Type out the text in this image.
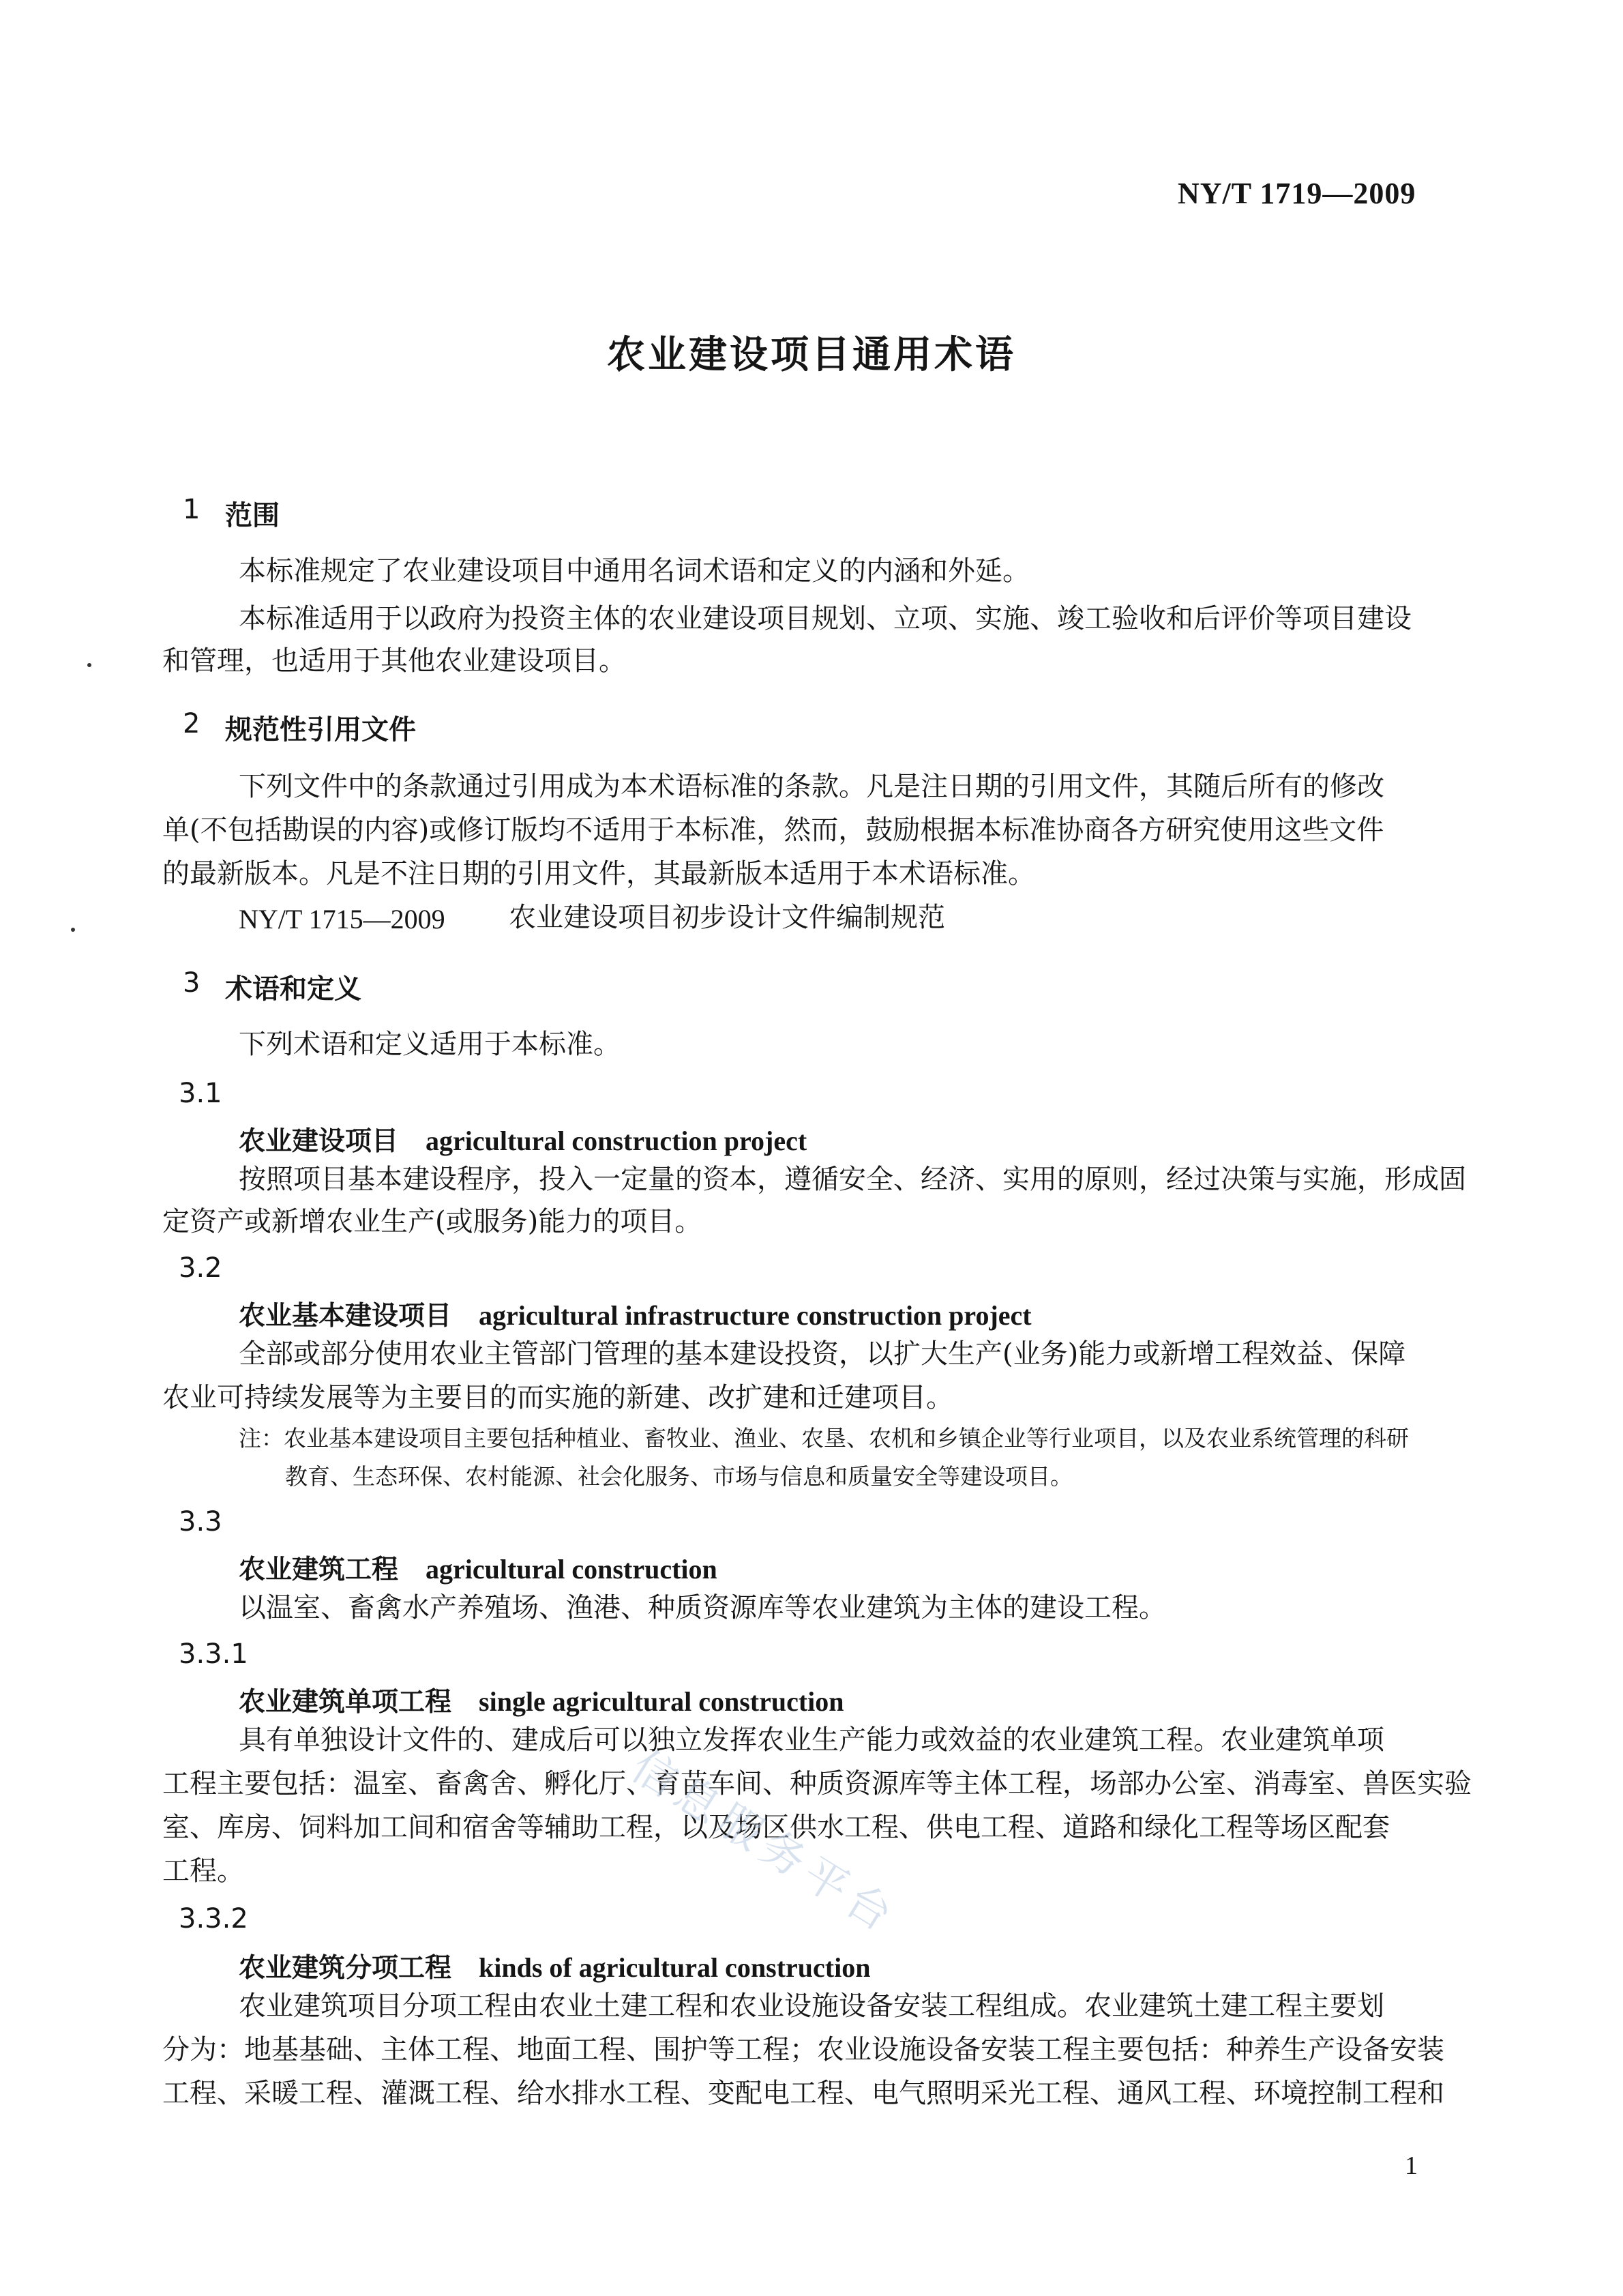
NY/T 1719—2009
农业建设项目通用术语
1 范围
本标准规定了农业建设项目中通用名词术语和定义的内涵和外延。
本标准适用于以政府为投资主体的农业建设项目规划、立项、实施、竣工验收和后评价等项目建设
和管理，也适用于其他农业建设项目。
2 规范性引用文件
下列文件中的条款通过引用成为本术语标准的条款。凡是注日期的引用文件，其随后所有的修改
单(不包括勘误的内容)或修订版均不适用于本标准，然而，鼓励根据本标准协商各方研究使用这些文件
的最新版本。凡是不注日期的引用文件，其最新版本适用于本术语标准。
NY/T 1715—2009 农业建设项目初步设计文件编制规范
3 术语和定义
下列术语和定义适用于本标准。
3.1
农业建设项目 agricultural construction project
按照项目基本建设程序，投入一定量的资本，遵循安全、经济、实用的原则，经过决策与实施，形成固
定资产或新增农业生产(或服务)能力的项目。
3.2
农业基本建设项目 agricultural infrastructure construction project
全部或部分使用农业主管部门管理的基本建设投资，以扩大生产(业务)能力或新增工程效益、保障
农业可持续发展等为主要目的而实施的新建、改扩建和迁建项目。
注：农业基本建设项目主要包括种植业、畜牧业、渔业、农垦、农机和乡镇企业等行业项目，以及农业系统管理的科研
教育、生态环保、农村能源、社会化服务、市场与信息和质量安全等建设项目。
3.3
农业建筑工程 agricultural construction
以温室、畜禽水产养殖场、渔港、种质资源库等农业建筑为主体的建设工程。
3.3.1
农业建筑单项工程 single agricultural construction
具有单独设计文件的、建成后可以独立发挥农业生产能力或效益的农业建筑工程。农业建筑单项
工程主要包括：温室、畜禽舍、孵化厅、育苗车间、种质资源库等主体工程，场部办公室、消毒室、兽医实验
室、库房、饲料加工间和宿舍等辅助工程，以及场区供水工程、供电工程、道路和绿化工程等场区配套
工程。
3.3.2
农业建筑分项工程 kinds of agricultural construction
农业建筑项目分项工程由农业土建工程和农业设施设备安装工程组成。农业建筑土建工程主要划
分为：地基基础、主体工程、地面工程、围护等工程；农业设施设备安装工程主要包括：种养生产设备安装
工程、采暖工程、灌溉工程、给水排水工程、变配电工程、电气照明采光工程、通风工程、环境控制工程和
信息服务平台
1
